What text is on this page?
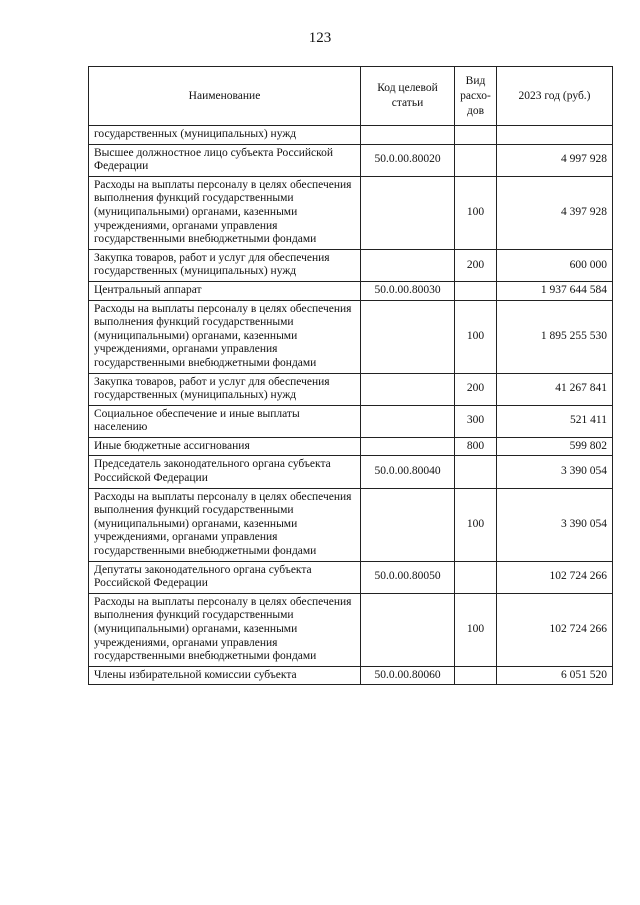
123
Наименование	Код целевой статьи	Вид расхо-дов	2023 год (руб.)
государственных (муниципальных) нужд			
Высшее должностное лицо субъекта Российской Федерации	50.0.00.80020		4 997 928
Расходы на выплаты персоналу в целях обеспечения выполнения функций государственными (муниципальными) органами, казенными учреждениями, органами управления государственными внебюджетными фондами		100	4 397 928
Закупка товаров, работ и услуг для обеспечения государственных (муниципальных) нужд		200	600 000
Центральный аппарат	50.0.00.80030		1 937 644 584
Расходы на выплаты персоналу в целях обеспечения выполнения функций государственными (муниципальными) органами, казенными учреждениями, органами управления государственными внебюджетными фондами		100	1 895 255 530
Закупка товаров, работ и услуг для обеспечения государственных (муниципальных) нужд		200	41 267 841
Социальное обеспечение и иные выплаты населению		300	521 411
Иные бюджетные ассигнования		800	599 802
Председатель законодательного органа субъекта Российской Федерации	50.0.00.80040		3 390 054
Расходы на выплаты персоналу в целях обеспечения выполнения функций государственными (муниципальными) органами, казенными учреждениями, органами управления государственными внебюджетными фондами		100	3 390 054
Депутаты законодательного органа субъекта Российской Федерации	50.0.00.80050		102 724 266
Расходы на выплаты персоналу в целях обеспечения выполнения функций государственными (муниципальными) органами, казенными учреждениями, органами управления государственными внебюджетными фондами		100	102 724 266
Члены избирательной комиссии субъекта	50.0.00.80060		6 051 520
